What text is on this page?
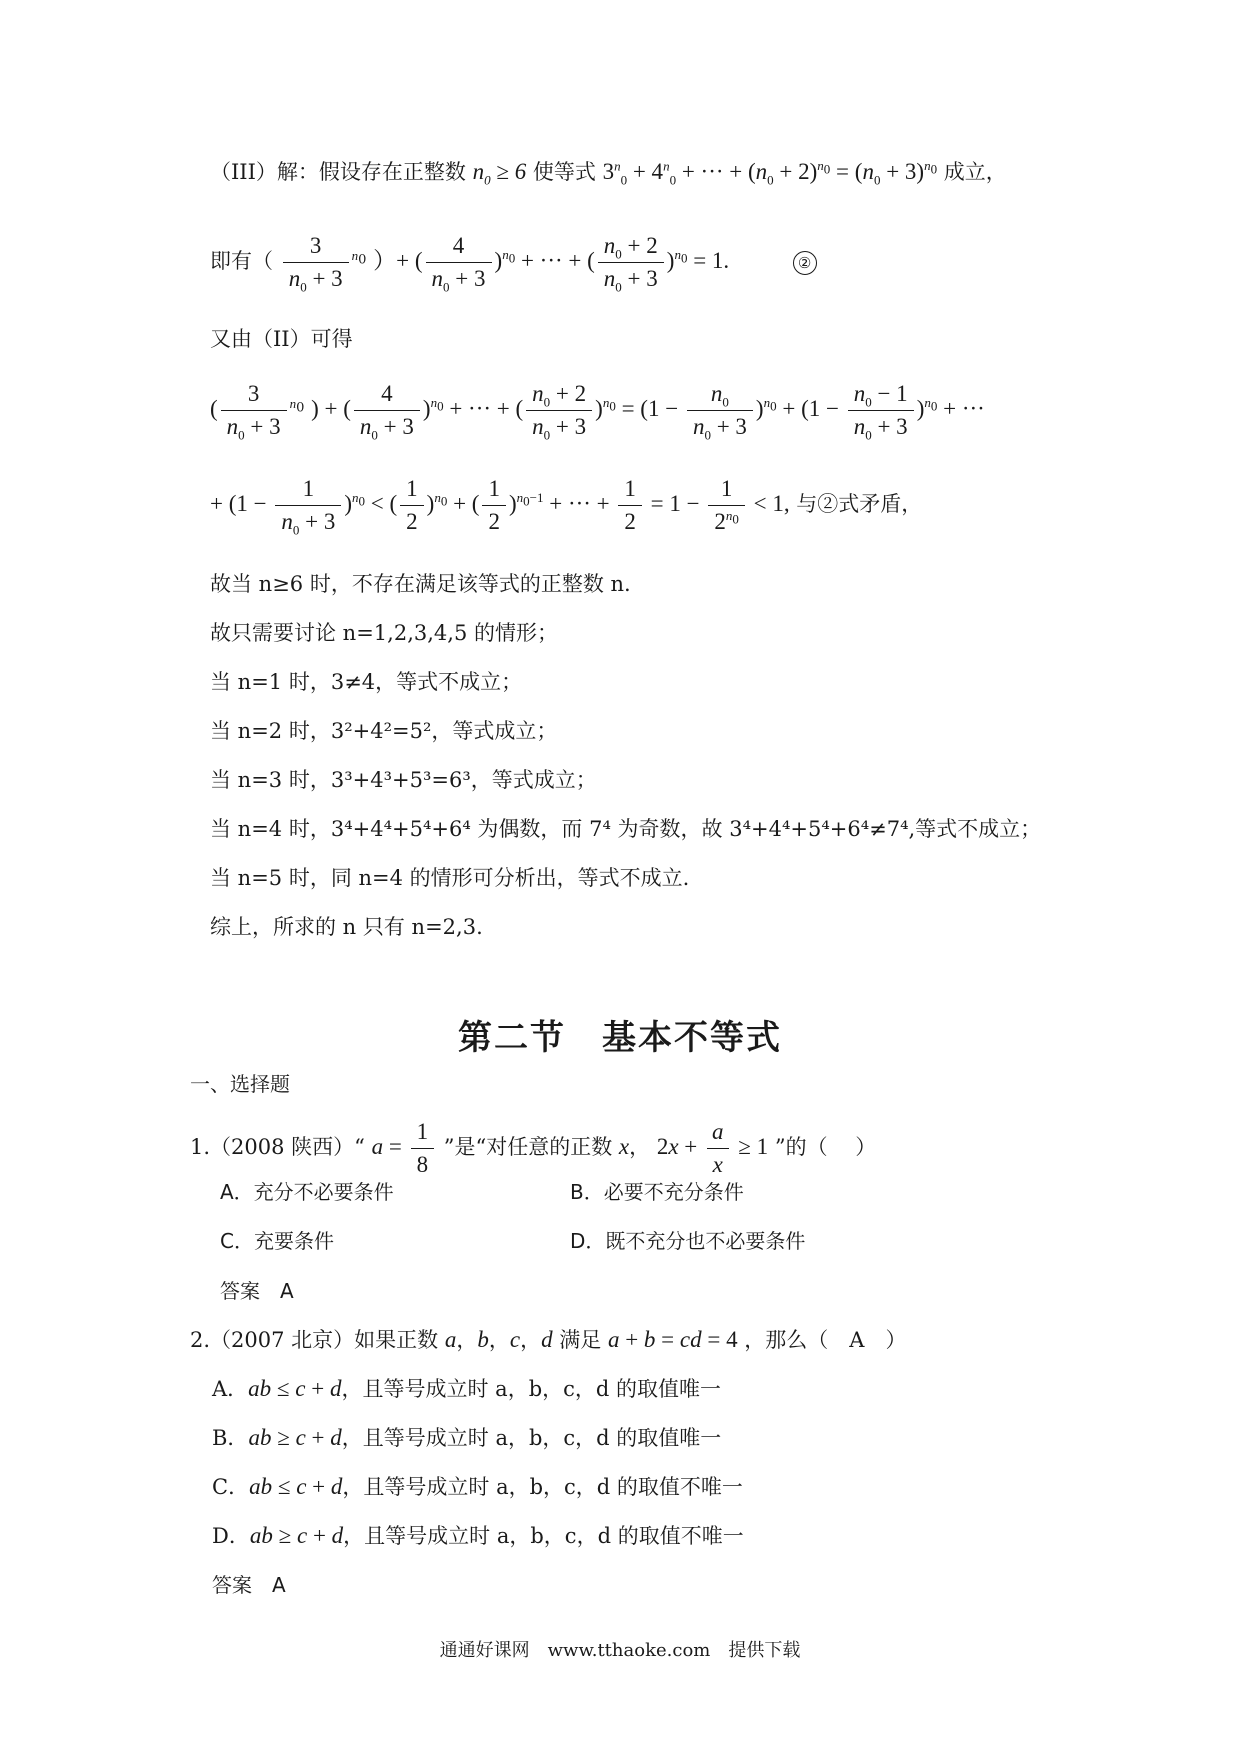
（III）解：假设存在正整数 $n_0 \ge 6$ 使等式 $3^n_0 + 4^n_0$ + ··· + $(n_0 + 2)^{n_0} = (n_0 + 3)^{n_0}$ 成立，
即有（ $\frac{3}{n_0 + 3} ^{n_0}$ ）+ ( $\frac{4}{n_0 + 3} )^{n_0}$ + ··· + ( $\frac{n_0 + 2}{n_0 + 3} )^{n_0} = 1$.	②
又由（II）可得
( $\frac{3}{n_0 + 3} ^{n_0}$ ) + ( $\frac{4}{n_0 + 3} )^{n_0}$ + ··· + ( $\frac{n_0 + 2}{n_0 + 3} )^{n_0} = (1 - \frac{n_0}{n_0 + 3} )^{n_0} + (1 - \frac{n_0 - 1}{n_0 + 3} )^{n_0}$ + ···
+ $(1 - \frac{1}{n_0 + 3} )^{n_0}$ < ( $\frac{1}{2} )^{n_0}$ + ( $\frac{1}{2} )^{n_0-1}$ + ··· + $\frac{1}{2} = 1 - \frac{1}{2^{n_0}} < 1$, 与②式矛盾，
故当 n≥6 时，不存在满足该等式的正整数 n.
故只需要讨论 n=1,2,3,4,5 的情形；
当 n=1 时，3≠4，等式不成立；
当 n=2 时，3²+4²=5²，等式成立；
当 n=3 时，3³+4³+5³=6³，等式成立；
当 n=4 时，3⁴+4⁴+5⁴+6⁴ 为偶数，而 7⁴ 为奇数，故 3⁴+4⁴+5⁴+6⁴≠7⁴,等式不成立；
当 n=5 时，同 n=4 的情形可分析出，等式不成立.
综上，所求的 n 只有 n=2,3.
第二节　基本不等式
一、选择题
1.（2008 陕西）“ $a = \frac{1}{8}$ ”是“对任意的正数 x， $2x + \frac{a}{x} \ge 1$ ”的（　 ）
A．充分不必要条件	B．必要不充分条件
C．充要条件	D．既不充分也不必要条件
答案　A
2.（2007 北京）如果正数 a，b，c，d 满足 a + b = cd = 4 ，那么（　A　）
A．ab ≤ c + d，且等号成立时 a，b，c，d 的取值唯一
B．ab ≥ c + d，且等号成立时 a，b，c，d 的取值唯一
C．ab ≤ c + d，且等号成立时 a，b，c，d 的取值不唯一
D．ab ≥ c + d，且等号成立时 a，b，c，d 的取值不唯一
答案　A
通通好课网　www.tthaoke.com　提供下载
